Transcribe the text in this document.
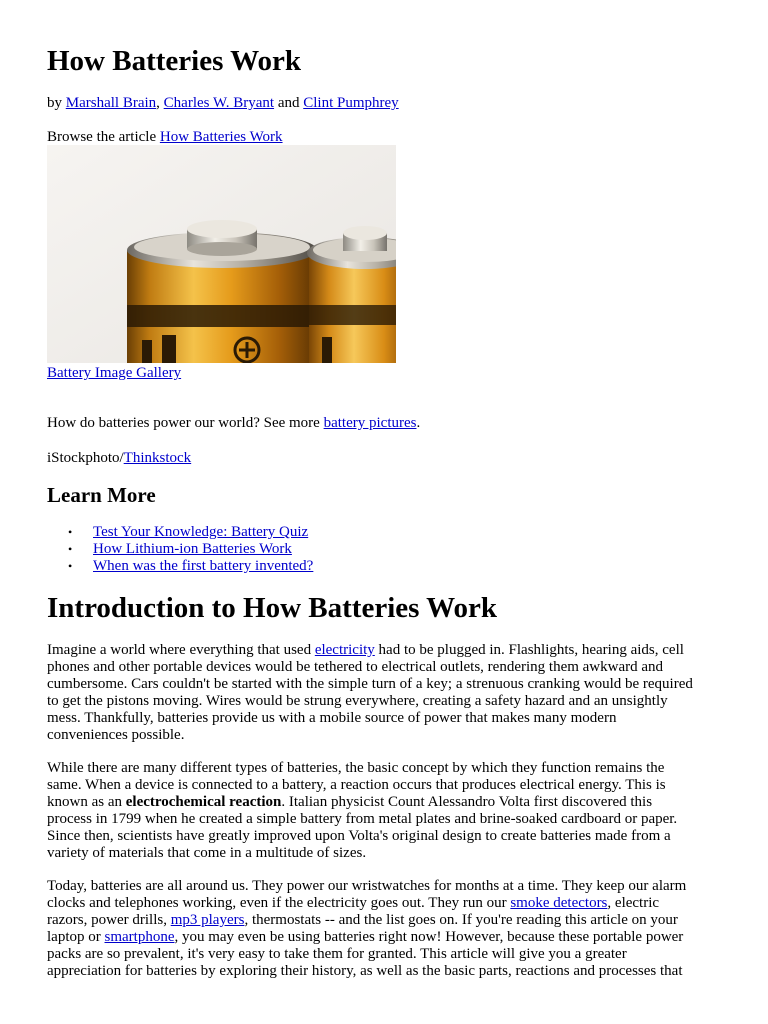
How Batteries Work
by Marshall Brain, Charles W. Bryant and Clint Pumphrey
Browse the article How Batteries Work
Battery Image Gallery
How do batteries power our world? See more battery pictures.
iStockphoto/Thinkstock
Learn More
• Test Your Knowledge: Battery Quiz
• How Lithium-ion Batteries Work
• When was the first battery invented?
Introduction to How Batteries Work

Imagine a world where everything that used electricity had to be plugged in. Flashlights, hearing aids, cell
phones and other portable devices would be tethered to electrical outlets, rendering them awkward and
cumbersome. Cars couldn't be started with the simple turn of a key; a strenuous cranking would be required
to get the pistons moving. Wires would be strung everywhere, creating a safety hazard and an unsightly
mess. Thankfully, batteries provide us with a mobile source of power that makes many modern
conveniences possible.

While there are many different types of batteries, the basic concept by which they function remains the
same. When a device is connected to a battery, a reaction occurs that produces electrical energy. This is
known as an electrochemical reaction. Italian physicist Count Alessandro Volta first discovered this
process in 1799 when he created a simple battery from metal plates and brine-soaked cardboard or paper.
Since then, scientists have greatly improved upon Volta's original design to create batteries made from a
variety of materials that come in a multitude of sizes.

Today, batteries are all around us. They power our wristwatches for months at a time. They keep our alarm
clocks and telephones working, even if the electricity goes out. They run our smoke detectors, electric
razors, power drills, mp3 players, thermostats -- and the list goes on. If you're reading this article on your
laptop or smartphone, you may even be using batteries right now! However, because these portable power
packs are so prevalent, it's very easy to take them for granted. This article will give you a greater
appreciation for batteries by exploring their history, as well as the basic parts, reactions and processes that
